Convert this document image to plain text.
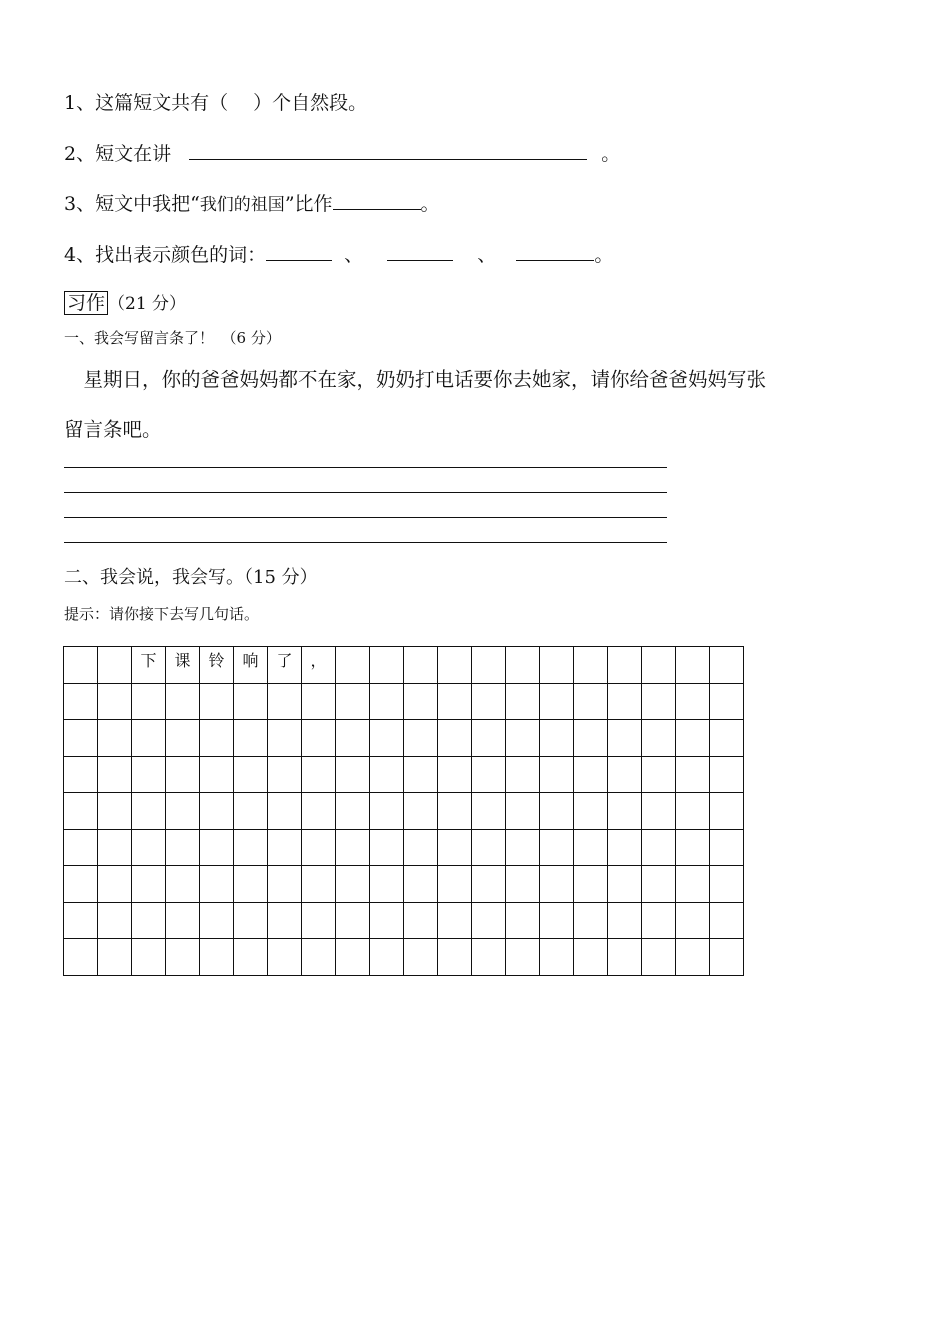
1、这篇短文共有（　 ）个自然段。
2、短文在讲	。
3、短文中我把“我们的祖国”比作	。
4、找出表示颜色的词：	、	、	。
习作 （21 分）
一、我会写留言条了！　（6 分）
　星期日，你的爸爸妈妈都不在家，奶奶打电话要你去她家，请你给爸爸妈妈写张
留言条吧。
二、我会说，我会写。（15 分）
提示：请你接下去写几句话。
		下	课	铃	响	了	，												
